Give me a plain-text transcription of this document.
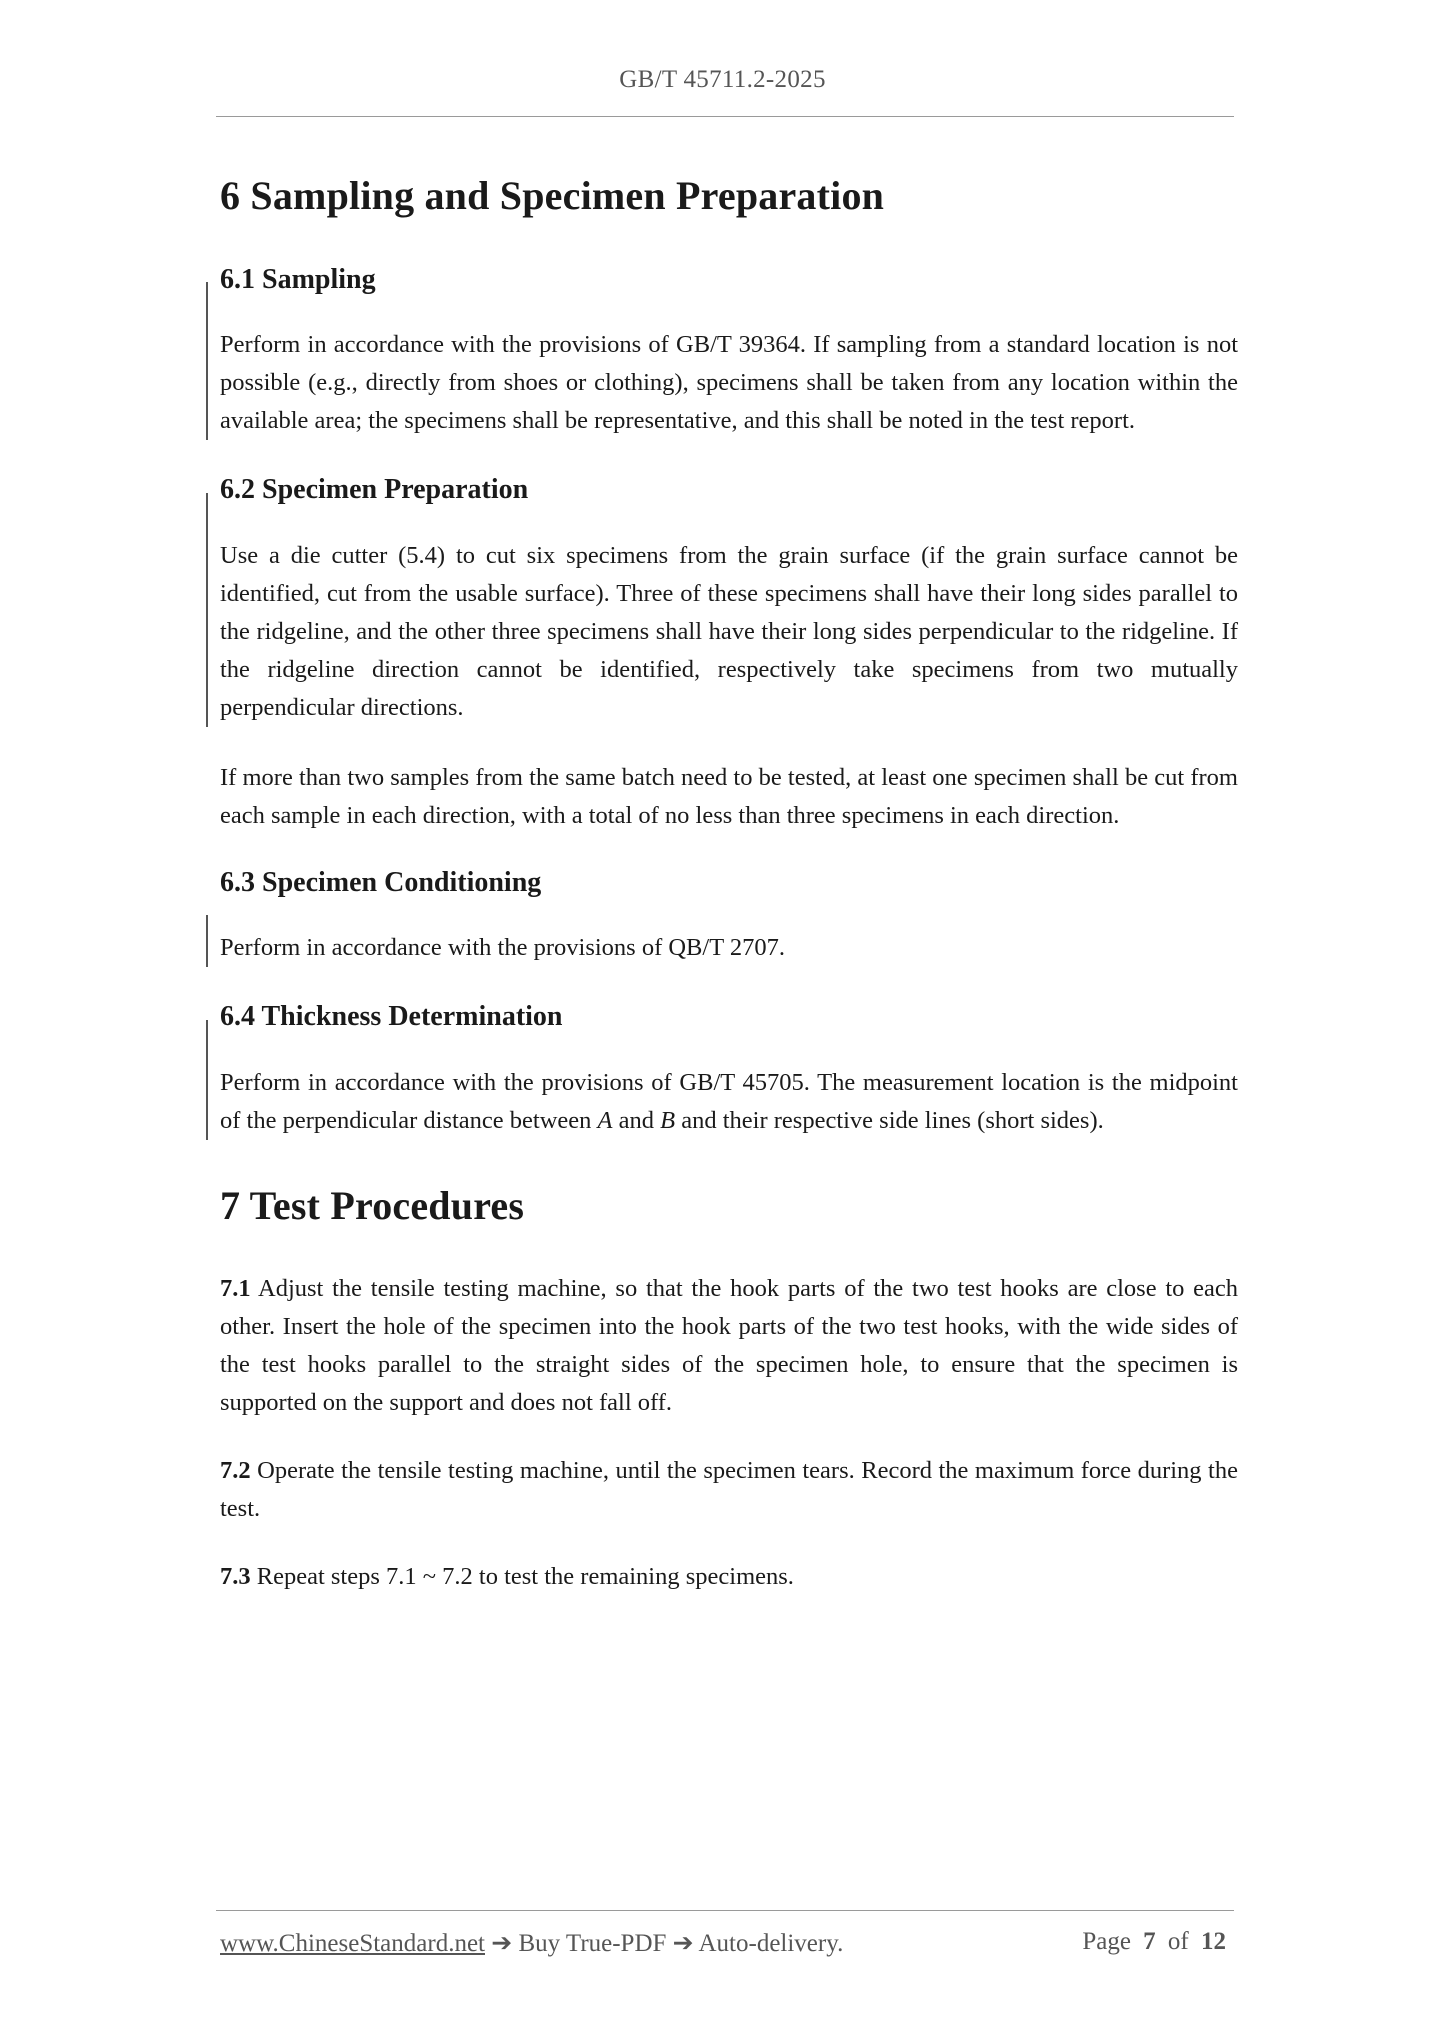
GB/T 45711.2-2025
6 Sampling and Specimen Preparation
6.1 Sampling

Perform in accordance with the provisions of GB/T 39364. If sampling from a standard location is not possible (e.g., directly from shoes or clothing), specimens shall be taken from any location within the available area; the specimens shall be representative, and this shall be noted in the test report.

6.2 Specimen Preparation

Use a die cutter (5.4) to cut six specimens from the grain surface (if the grain surface cannot be identified, cut from the usable surface). Three of these specimens shall have their long sides parallel to the ridgeline, and the other three specimens shall have their long sides perpendicular to the ridgeline. If the ridgeline direction cannot be identified, respectively take specimens from two mutually perpendicular directions.

If more than two samples from the same batch need to be tested, at least one specimen shall be cut from each sample in each direction, with a total of no less than three specimens in each direction.

6.3 Specimen Conditioning

Perform in accordance with the provisions of QB/T 2707.

6.4 Thickness Determination

Perform in accordance with the provisions of GB/T 45705. The measurement location is the midpoint of the perpendicular distance between A and B and their respective side lines (short sides).

7 Test Procedures

7.1 Adjust the tensile testing machine, so that the hook parts of the two test hooks are close to each other. Insert the hole of the specimen into the hook parts of the two test hooks, with the wide sides of the test hooks parallel to the straight sides of the specimen hole, to ensure that the specimen is supported on the support and does not fall off.

7.2 Operate the tensile testing machine, until the specimen tears. Record the maximum force during the test.

7.3 Repeat steps 7.1 ~ 7.2 to test the remaining specimens.

www.ChineseStandard.net ➔ Buy True-PDF ➔ Auto-delivery.	Page 7 of 12
